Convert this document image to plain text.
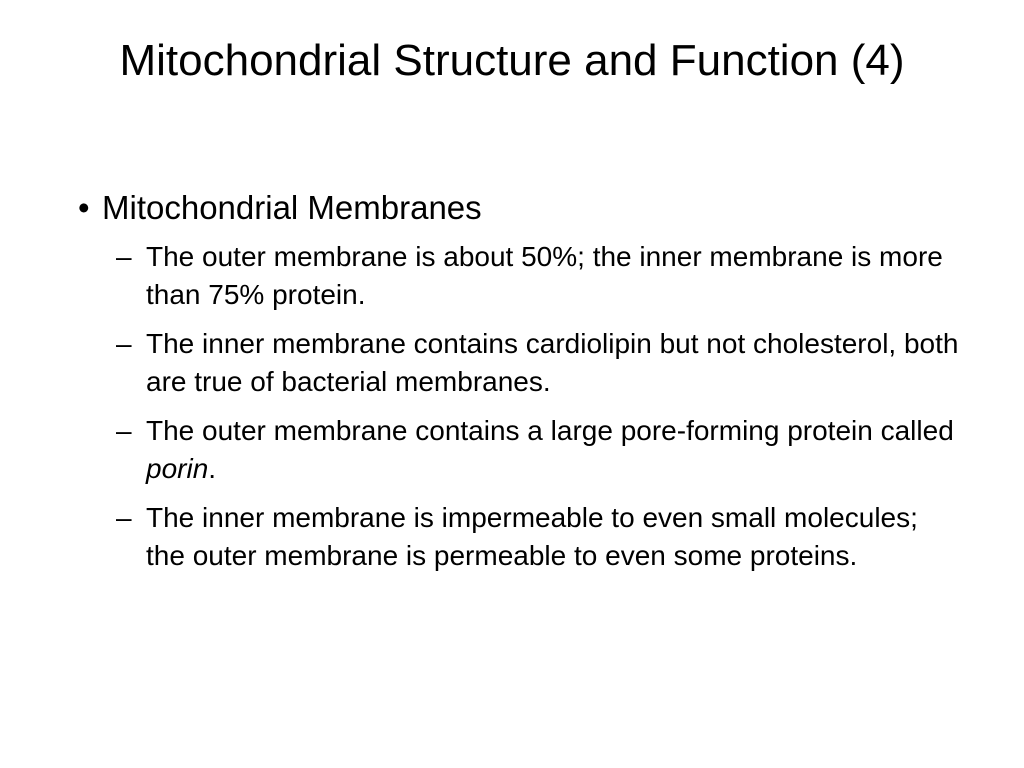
Mitochondrial Structure and Function (4)
• Mitochondrial Membranes
– The outer membrane is about 50%; the inner membrane is more than 75% protein.
– The inner membrane contains cardiolipin but not cholesterol, both are true of bacterial membranes.
– The outer membrane contains a large pore-forming protein called porin.
– The inner membrane is impermeable to even small molecules; the outer membrane is permeable to even some proteins.
